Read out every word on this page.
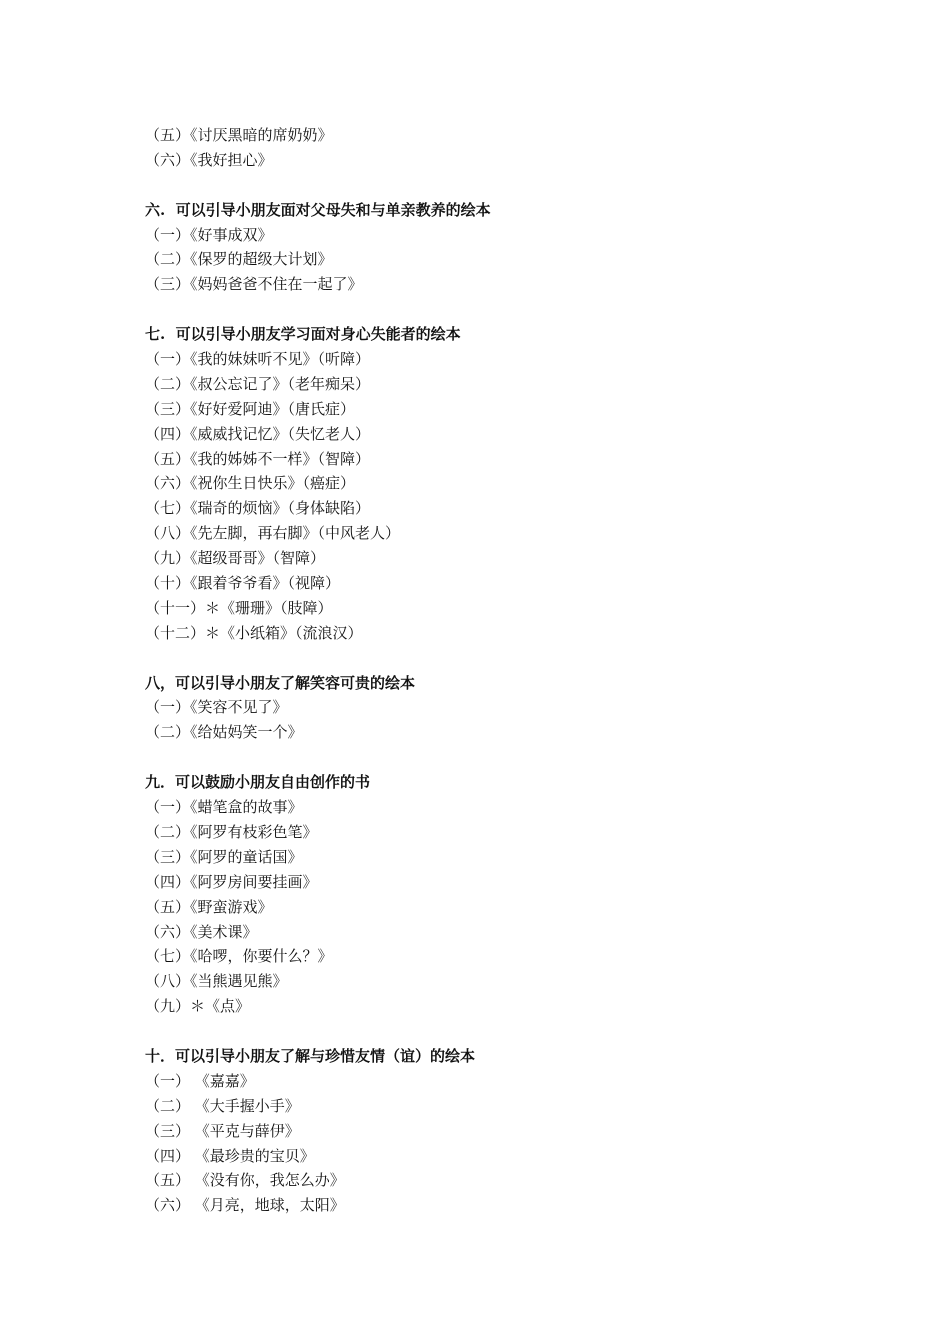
（五）《讨厌黑暗的席奶奶》
（六）《我好担心》
六.  可以引导小朋友面对父母失和与单亲教养的绘本
（一）《好事成双》
（二）《保罗的超级大计划》
（三）《妈妈爸爸不住在一起了》
七.  可以引导小朋友学习面对身心失能者的绘本
（一）《我的妹妹听不见》（听障）
（二）《叔公忘记了》（老年痴呆）
（三）《好好爱阿迪》（唐氏症）
（四）《威威找记忆》（失忆老人）
（五）《我的姊姊不一样》（智障）
（六）《祝你生日快乐》（癌症）
（七）《瑞奇的烦恼》（身体缺陷）
（八）《先左脚，再右脚》（中风老人）
（九）《超级哥哥》（智障）
（十）《跟着爷爷看》（视障）
（十一）＊《珊珊》（肢障）
（十二）＊《小纸箱》（流浪汉）
八，可以引导小朋友了解笑容可贵的绘本
（一）《笑容不见了》
（二）《给姑妈笑一个》
九．可以鼓励小朋友自由创作的书
（一）《蜡笔盒的故事》
（二）《阿罗有枝彩色笔》
（三）《阿罗的童话国》
（四）《阿罗房间要挂画》
（五）《野蛮游戏》
（六）《美术课》
（七）《哈啰，你要什么？》
（八）《当熊遇见熊》
（九）＊《点》
十．可以引导小朋友了解与珍惜友情（谊）的绘本
（一） 《嘉嘉》
（二） 《大手握小手》
（三） 《平克与薛伊》
（四） 《最珍贵的宝贝》
（五） 《没有你，我怎么办》
（六） 《月亮，地球，太阳》
